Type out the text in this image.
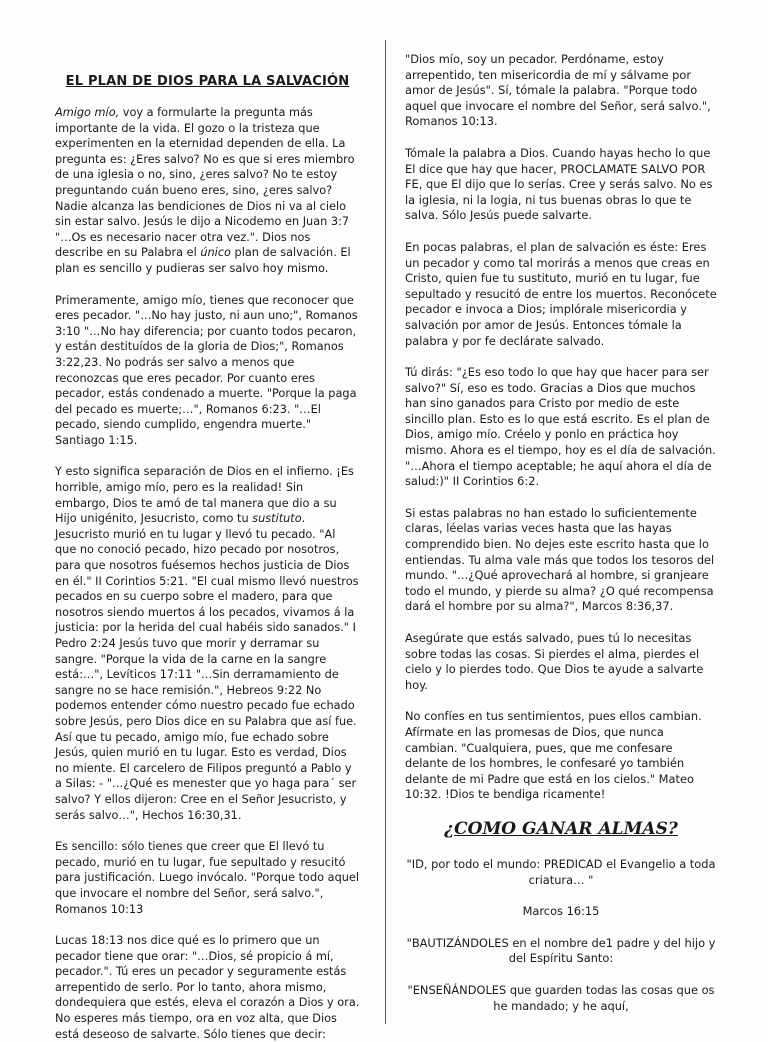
EL PLAN DE DIOS PARA LA SALVACIÓN

Amigo mío, voy a formularte la pregunta más importante de la vida. El gozo o la tristeza que experimenten en la eternidad dependen de ella. La pregunta es: ¿Eres salvo? No es que si eres miembro de una iglesia o no, sino, ¿eres salvo? No te estoy preguntando cuán bueno eres, sino, ¿eres salvo? Nadie alcanza las bendiciones de Dios ni va al cielo sin estar salvo. Jesús le dijo a Nicodemo en Juan 3:7 "…Os es necesario nacer otra vez.". Dios nos describe en su Palabra el único plan de salvación. El plan es sencillo y pudieras ser salvo hoy mismo.

Primeramente, amigo mío, tienes que reconocer que eres pecador. "…No hay justo, ni aun uno;", Romanos 3:10 "…No hay diferencia; por cuanto todos pecaron, y están destituídos de la gloria de Dios;", Romanos 3:22,23. No podrás ser salvo a menos que reconozcas que eres pecador. Por cuanto eres pecador, estás condenado a muerte. "Porque la paga del pecado es muerte;…", Romanos 6:23. "…El pecado, siendo cumplido, engendra muerte." Santiago 1:15.

Y esto significa separación de Dios en el infierno. ¡Es horrible, amigo mío, pero es la realidad! Sin embargo, Dios te amó de tal manera que dio a su Hijo unigénito, Jesucristo, como tu sustituto. Jesucristo murió en tu lugar y llevó tu pecado. "Al que no conoció pecado, hizo pecado por nosotros, para que nosotros fuésemos hechos justicia de Dios en él." II Corintios 5:21. "El cual mismo llevó nuestros pecados en su cuerpo sobre el madero, para que nosotros siendo muertos á los pecados, vivamos á la justicia: por la herida del cual habéis sido sanados." I Pedro 2:24 Jesús tuvo que morir y derramar su sangre. "Porque la vida de la carne en la sangre está:…", Levíticos 17:11 "…Sin derramamiento de sangre no se hace remisión.", Hebreos 9:22 No podemos entender cómo nuestro pecado fue echado sobre Jesús, pero Dios dice en su Palabra que así fue. Así que tu pecado, amigo mío, fue echado sobre Jesús, quien murió en tu lugar. Esto es verdad, Dios no miente. El carcelero de Filipos preguntó a Pablo y a Silas: - "…¿Qué es menester que yo haga para´ ser salvo? Y ellos dijeron: Cree en el Señor Jesucristo, y serás salvo…", Hechos 16:30,31.

Es sencillo: sólo tienes que creer que El llevó tu pecado, murió en tu lugar, fue sepultado y resucitó para justificación. Luego invócalo. "Porque todo aquel que invocare el nombre del Señor, será salvo.", Romanos 10:13

Lucas 18:13 nos dice qué es lo primero que un pecador tiene que orar: "…Dios, sé propicio á mí, pecador.". Tú eres un pecador y seguramente estás arrepentido de serlo. Por lo tanto, ahora mismo, dondequiera que estés, eleva el corazón a Dios y ora. No esperes más tiempo, ora en voz alta, que Dios está deseoso de salvarte. Sólo tienes que decir:

"Dios mío, soy un pecador. Perdóname, estoy arrepentido, ten misericordia de mí y sálvame por amor de Jesús". Sí, tómale la palabra. "Porque todo aquel que invocare el nombre del Señor, será salvo.", Romanos 10:13.

Tómale la palabra a Dios. Cuando hayas hecho lo que El dice que hay que hacer, PROCLAMATE SALVO POR FE, que El dijo que lo serías. Cree y serás salvo. No es la iglesia, ni la logia, ni tus buenas obras lo que te salva. Sólo Jesús puede salvarte.

En pocas palabras, el plan de salvación es éste: Eres un pecador y como tal morirás a menos que creas en Cristo, quien fue tu sustituto, murió en tu lugar, fue sepultado y resucitó de entre los muertos. Reconócete pecador e invoca a Dios; implórale misericordia y salvación por amor de Jesús. Entonces tómale la palabra y por fe declárate salvado.

Tú dirás: "¿Es eso todo lo que hay que hacer para ser salvo?" Sí, eso es todo. Gracias a Dios que muchos han sino ganados para Cristo por medio de este sincillo plan. Esto es lo que está escrito. Es el plan de Dios, amigo mío. Créelo y ponlo en práctica hoy mismo. Ahora es el tiempo, hoy es el día de salvación. "…Ahora el tiempo aceptable; he aquí ahora el día de salud:)" II Corintios 6:2.

Si estas palabras no han estado lo suficientemente claras, léelas varias veces hasta que las hayas comprendido bien. No dejes este escrito hasta que lo entiendas. Tu alma vale más que todos los tesoros del mundo. "…¿Qué aprovechará al hombre, si granjeare todo el mundo, y pierde su alma? ¿O qué recompensa dará el hombre por su alma?", Marcos 8:36,37.

Asegúrate que estás salvado, pues tú lo necesitas sobre todas las cosas. Si pierdes el alma, pierdes el cielo y lo pierdes todo. Que Dios te ayude a salvarte hoy.

No confíes en tus sentimientos, pues ellos cambian. Afírmate en las promesas de Dios, que nunca cambian. "Cualquiera, pues, que me confesare delante de los hombres, le confesaré yo también delante de mi Padre que está en los cielos." Mateo 10:32. !Dios te bendiga ricamente!

¿COMO GANAR ALMAS?

"ID, por todo el mundo: PREDICAD el Evangelio a toda criatura… "

Marcos 16:15

"BAUTIZÁNDOLES en el nombre de1 padre y del hijo y del Espíritu Santo:

"ENSEÑÁNDOLES que guarden todas las cosas que os he mandado; y he aquí,
